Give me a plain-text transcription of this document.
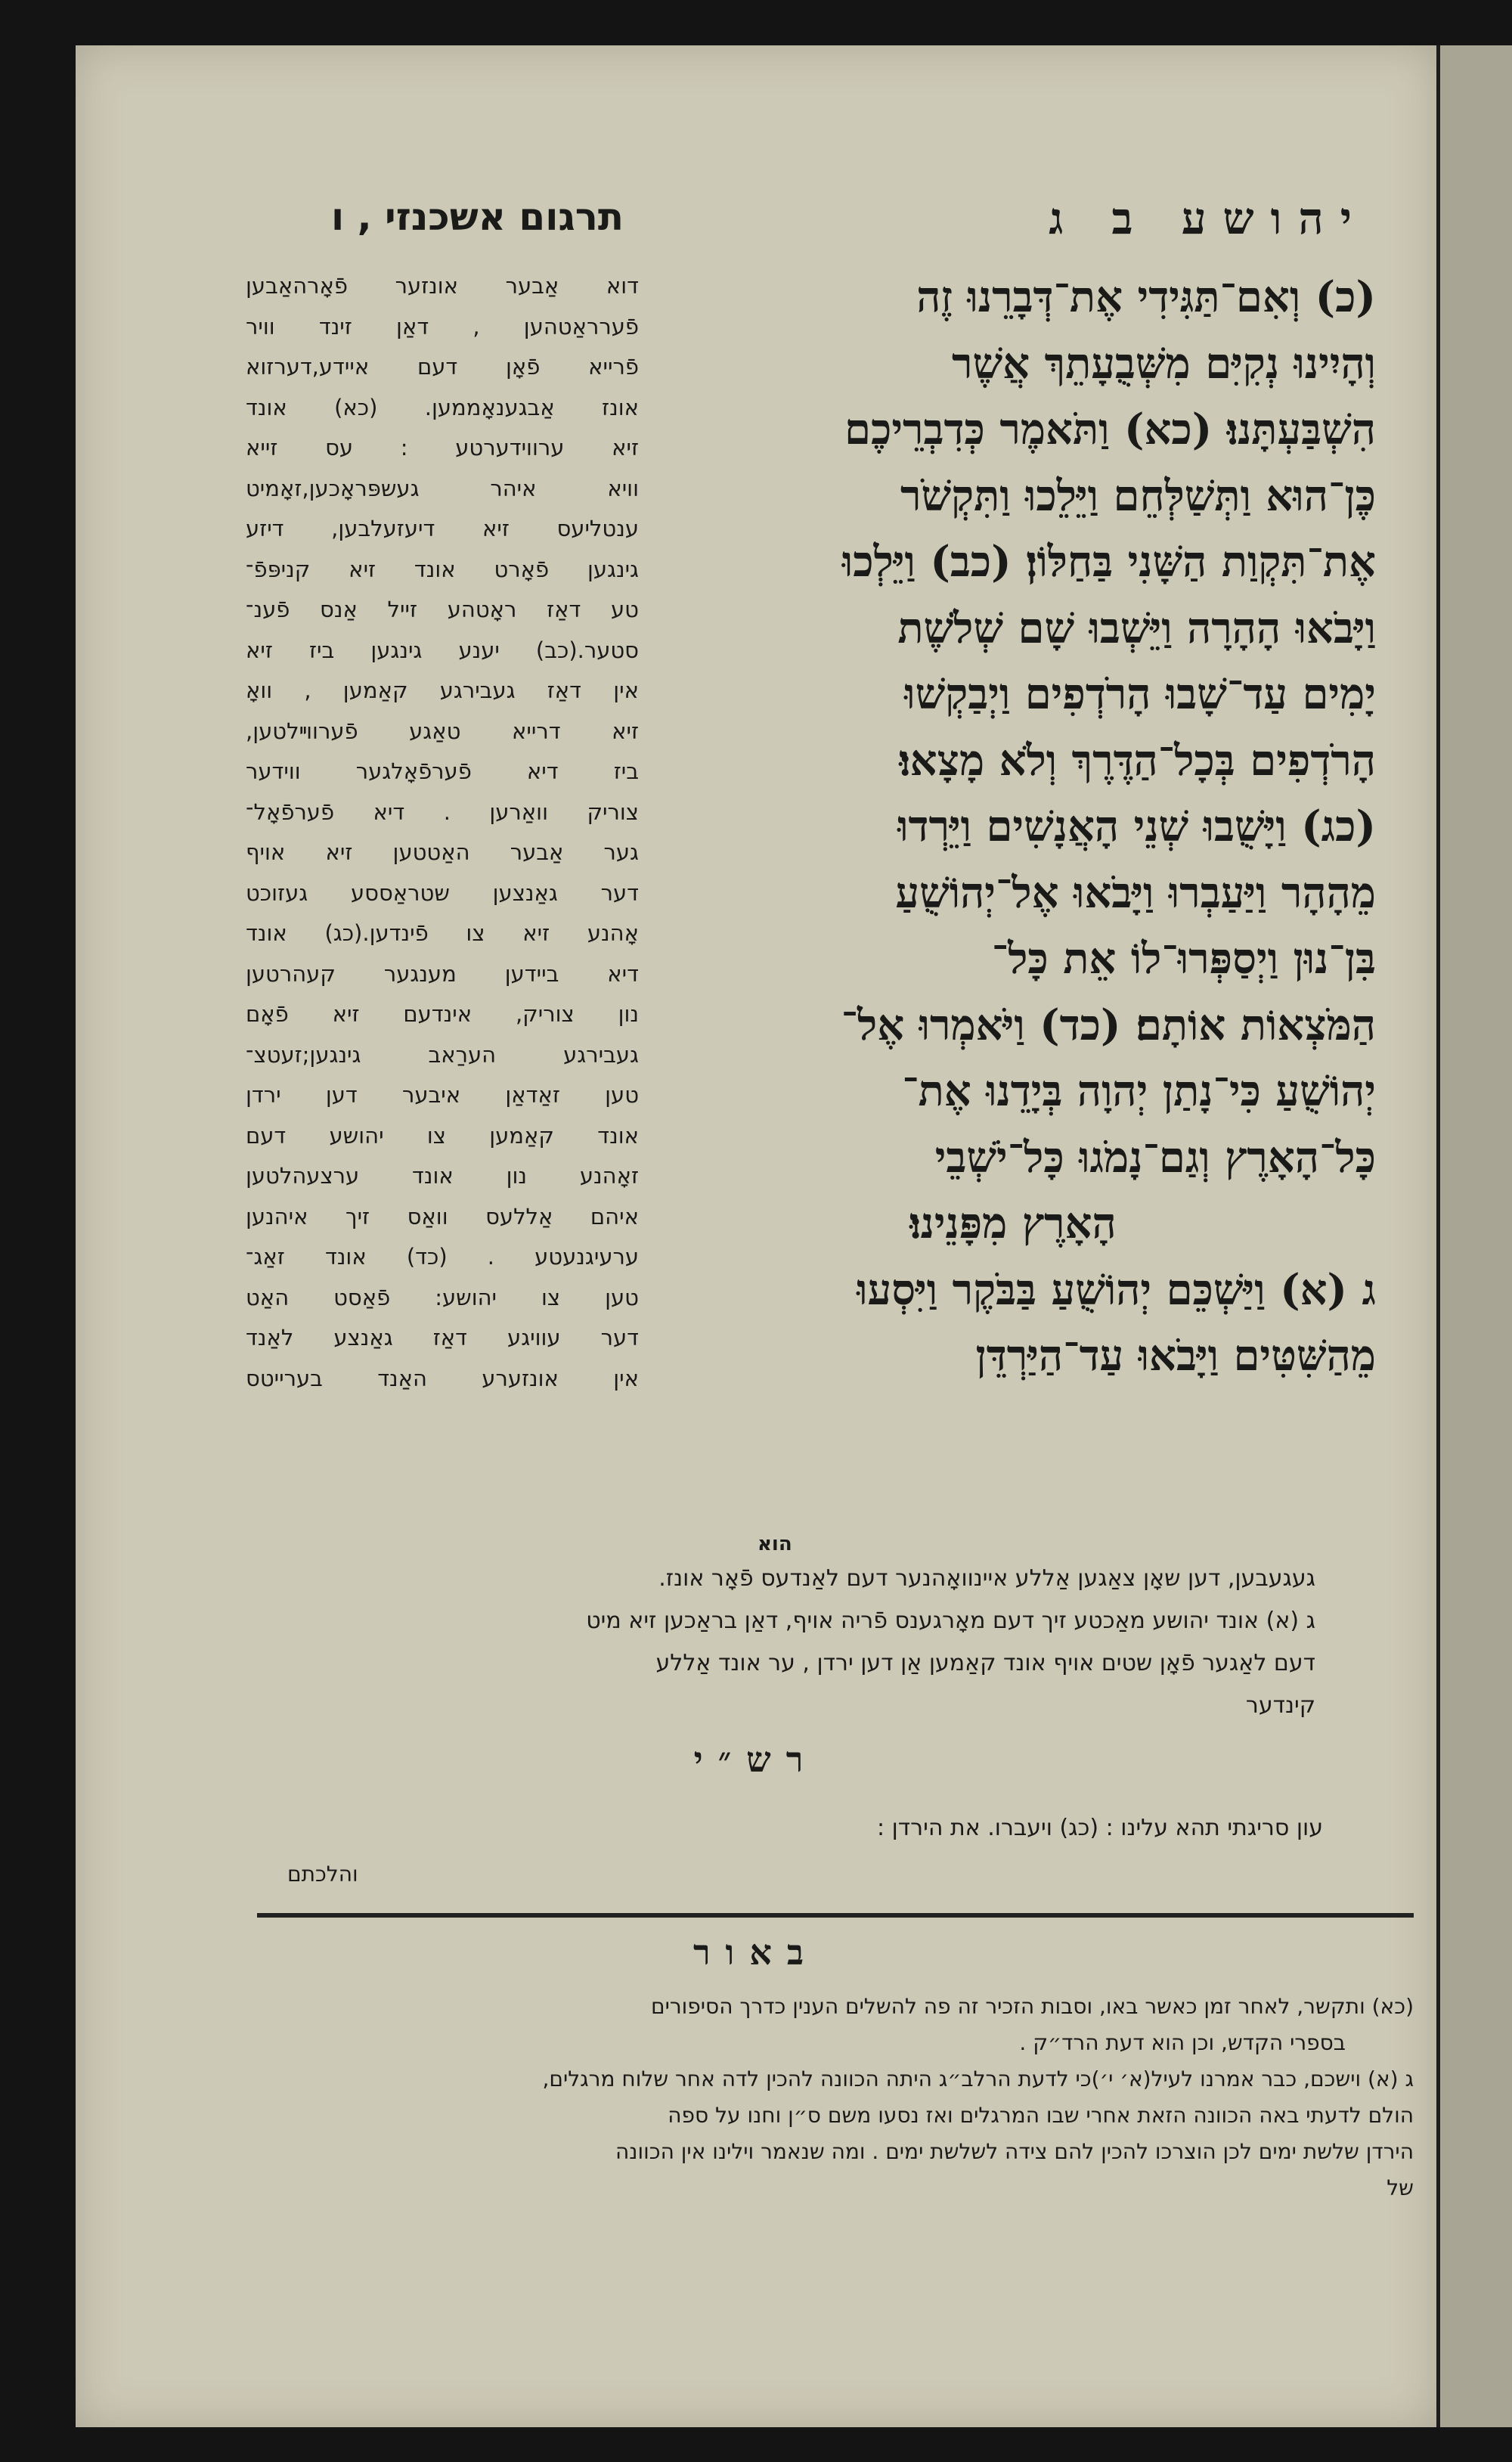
יהושע ב ג
תרגום אשכנזי , ו
(כ) וְאִם־תַּגִּידִי אֶת־דְּבָרֵנוּ זֶה
וְהָיִינוּ נְקִיִּם מִשְּׁבֻעָתֵךְ אֲשֶׁר
הִשְׁבַּעְתָּנוּ׃ (כא) וַתֹּאמֶר כְּדִבְרֵיכֶם
כֶּן־הוּא וַתְּשַׁלְּחֵם וַיֵּלֵכוּ וַתִּקְשֹׁר
אֶת־תִּקְוַת הַשָּׁנִי בַּחַלּוֹן׃ (כב) וַיֵּלְכוּ
וַיָּבֹאוּ הָהָרָה וַיֵּשְׁבוּ שָׁם שְׁלֹשֶׁת
יָמִים עַד־שָׁבוּ הָרֹדְפִים וַיְבַקְשׁוּ
הָרֹדְפִים בְּכָל־הַדֶּרֶךְ וְלֹא מָצָאוּ׃
(כג) וַיָּשֻׁבוּ שְׁנֵי הָאֲנָשִׁים וַיֵּרְדוּ
מֵהָהָר וַיַּעַבְרוּ וַיָּבֹאוּ אֶל־יְהוֹשֻׁעַ
בִּן־נוּן וַיְסַפְּרוּ־לוֹ אֵת כָּל־
הַמֹּצְאוֹת אוֹתָם׃ (כד) וַיֹּאמְרוּ אֶל־
יְהוֹשֻׁעַ כִּי־נָתַן יְהוָה בְּיָדֵנוּ אֶת־
כָּל־הָאָרֶץ וְגַם־נָמֹגוּ כָּל־יֹשְׁבֵי
הָאָרֶץ מִפָּנֵינוּ׃
ג (א) וַיַּשְׁכֵּם יְהוֹשֻׁעַ בַּבֹּקֶר וַיִּסְעוּ
מֵהַשִּׁטִּים וַיָּבֹאוּ עַד־הַיַּרְדֵּן
דוא אַבער אונזער פֿאָרהאַבען
פֿערראַטהען , דאַן זינד וויר
פֿרייא פֿאָן דעם איידע,דערזוא
אונז אַבגענאָממען. (כא) אונד
זיא ערווידערטע : עס זייא
וויא איהר געשפּראָכען,זאָמיט
ענטליעס זיא דיעזעלבען, דיזע
גינגען פֿאָרט אונד זיא קניפּפֿ־
טע דאַז ראָטהע זייל אַנס פֿענ־
סטער.(כב) יענע גינגען ביז זיא
אין דאַז געבירגע קאַמען , וואָ
זיא דרייא טאַגע פֿערווײלטען,
ביז דיא פֿערפֿאָלגער ווידער
צוריק וואַרען . דיא פֿערפֿאָל־
גער אַבער האַטטען זיא אויף
דער גאַנצען שטראַססע געזוכט
אָהנע זיא צו פֿינדען.(כג) אונד
דיא ביידען מענגער קעהרטען
נון צוריק, אינדעם זיא פֿאָם
געבירגע הערַאב גינגען;זעטצ־
טען זאַדאַן איבער דען ירדן
אונד קאַמען צו יהושע דעם
זאָהנע נון אונד ערצעהלטען
איהם אַללעס וואַס זיך איהנען
ערעיגנעטע . (כד) אונד זאַג־
טען צו יהושע: פֿאַסט האַט
דער עוויגע דאַז גאַנצע לאַנד
אין אונזערע האַנד בערייטס
הוא
געגעבען, דען שאָן צאַגען אַללע איינוואָהנער דעם לאַנדעס פֿאָר אונז.
ג (א) אונד יהושע מאַכטע זיך דעם מאָרגענס פֿריה אויף, דאַן בראַכען זיא מיט
דעם לאַגער פֿאָן שטים אויף אונד קאַמען אַן דען ירדן , ער אונד אַללע
קינדער
רש״י
עון סריגתי תהא עלינו : (כג) ויעברו. את הירדן :
והלכתם
באור
(כא) ותקשר, לאחר זמן כאשר באו, וסבות הזכיר זה פה להשלים הענין כדרך הסיפורים
בספרי הקדש, וכן הוא דעת הרד״ק .
ג (א) וישכם, כבר אמרנו לעיל(א׳ י׳)כי לדעת הרלב״ג היתה הכוונה להכין לדה אחר שלוח מרגלים,
הולם לדעתי באה הכוונה הזאת אחרי שבו המרגלים ואז נסעו משם ס״ן וחנו על ספה
הירדן שלשת ימים לכן הוצרכו להכין להם צידה לשלשת ימים . ומה שנאמר וילינו אין הכוונה
של
